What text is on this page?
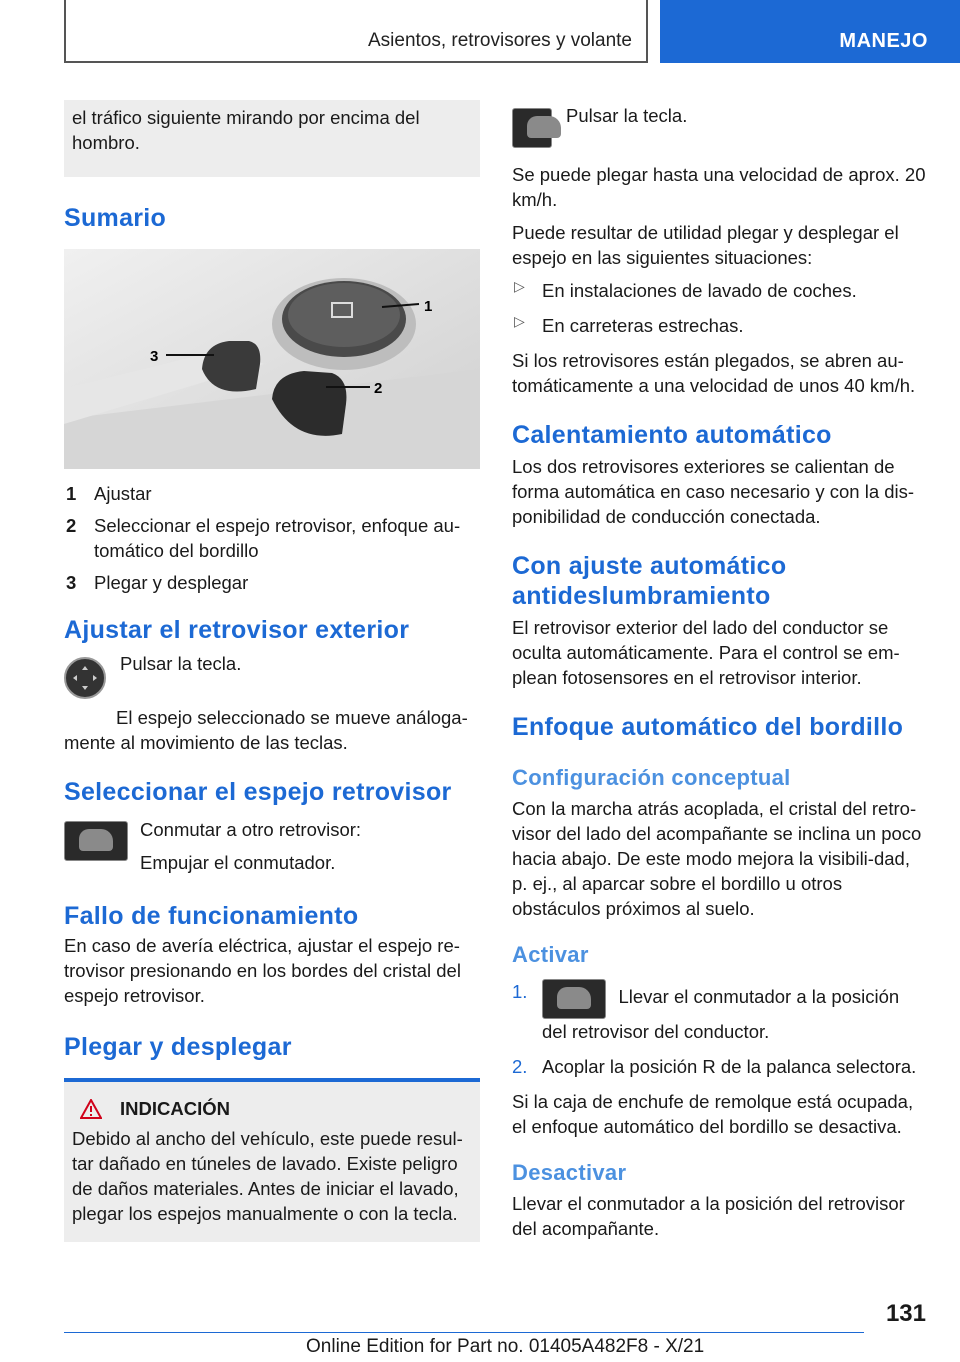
Asientos, retrovisores y volante	MANEJO

el tráfico siguiente mirando por encima del hombro.

Sumario
1
2
3
1 Ajustar

2 Seleccionar el espejo retrovisor, enfoque au‐tomático del bordillo

3 Plegar y desplegar

Ajustar el retrovisor exterior

Pulsar la tecla.

El espejo seleccionado se mueve análoga‐mente al movimiento de las teclas.

Seleccionar el espejo retrovisor

Conmutar a otro retrovisor:

Empujar el conmutador.

Fallo de funcionamiento

En caso de avería eléctrica, ajustar el espejo re‐trovisor presionando en los bordes del cristal del espejo retrovisor.

Plegar y desplegar
INDICACIÓN

Debido al ancho del vehículo, este puede resul‐tar dañado en túneles de lavado. Existe peligro de daños materiales. Antes de iniciar el lavado, plegar los espejos manualmente o con la tecla.

Pulsar la tecla.

Se puede plegar hasta una velocidad de aprox. 20 km/h.

Puede resultar de utilidad plegar y desplegar el espejo en las siguientes situaciones:

▷ En instalaciones de lavado de coches.

▷ En carreteras estrechas.

Si los retrovisores están plegados, se abren au‐tomáticamente a una velocidad de unos 40 km/h.

Calentamiento automático

Los dos retrovisores exteriores se calientan de forma automática en caso necesario y con la dis‐ponibilidad de conducción conectada.

Con ajuste automático antideslumbramiento

El retrovisor exterior del lado del conductor se oculta automáticamente. Para el control se em‐plean fotosensores en el retrovisor interior.

Enfoque automático del bordillo
Configuración conceptual

Con la marcha atrás acoplada, el cristal del retro‐visor del lado del acompañante se inclina un poco hacia abajo. De este modo mejora la visibili‐dad, p. ej., al aparcar sobre el bordillo u otros obstáculos próximos al suelo.

Activar
1.	Llevar el conmutador a la posición del retrovisor del conductor.
2. Acoplar la posición R de la palanca selectora.

Si la caja de enchufe de remolque está ocupada, el enfoque automático del bordillo se desactiva.

Desactivar

Llevar el conmutador a la posición del retrovisor del acompañante.

131
Online Edition for Part no. 01405A482F8 - X/21
